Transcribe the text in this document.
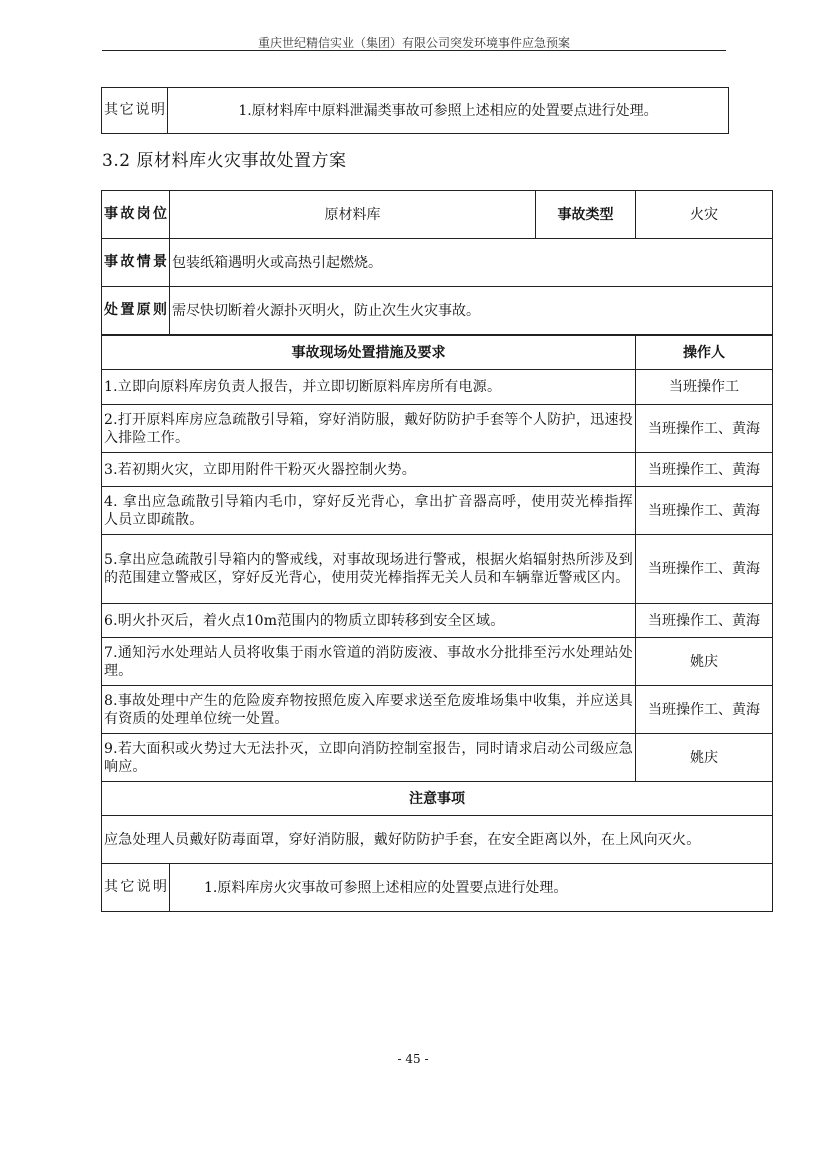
重庆世纪精信实业（集团）有限公司突发环境事件应急预案
其它说明	1.原材料库中原料泄漏类事故可参照上述相应的处置要点进行处理。
3.2 原材料库火灾事故处置方案
事故岗位	原材料库	事故类型	火灾
事故情景	包装纸箱遇明火或高热引起燃烧。		
处置原则	需尽快切断着火源扑灭明火，防止次生火灾事故。		
事故现场处置措施及要求		操作人
1.立即向原料库房负责人报告，并立即切断原料库房所有电源。		当班操作工
2.打开原料库房应急疏散引导箱，穿好消防服，戴好防防护手套等个人防护，迅速投入排险工作。		当班操作工、黄海
3.若初期火灾，立即用附件干粉灭火器控制火势。		当班操作工、黄海
4. 拿出应急疏散引导箱内毛巾，穿好反光背心，拿出扩音器高呼，使用荧光棒指挥人员立即疏散。		当班操作工、黄海
5.拿出应急疏散引导箱内的警戒线，对事故现场进行警戒，根据火焰辐射热所涉及到的范围建立警戒区，穿好反光背心，使用荧光棒指挥无关人员和车辆靠近警戒区内。		当班操作工、黄海
6.明火扑灭后，着火点10m范围内的物质立即转移到安全区域。		当班操作工、黄海
7.通知污水处理站人员将收集于雨水管道的消防废液、事故水分批排至污水处理站处理。		姚庆
8.事故处理中产生的危险废弃物按照危废入库要求送至危废堆场集中收集，并应送具有资质的处理单位统一处置。		当班操作工、黄海
9.若大面积或火势过大无法扑灭，立即向消防控制室报告，同时请求启动公司级应急响应。		姚庆
注意事项		
应急处理人员戴好防毒面罩，穿好消防服，戴好防防护手套，在安全距离以外，在上风向灭火。		
其它说明	1.原料库房火灾事故可参照上述相应的处置要点进行处理。	
- 45 -
